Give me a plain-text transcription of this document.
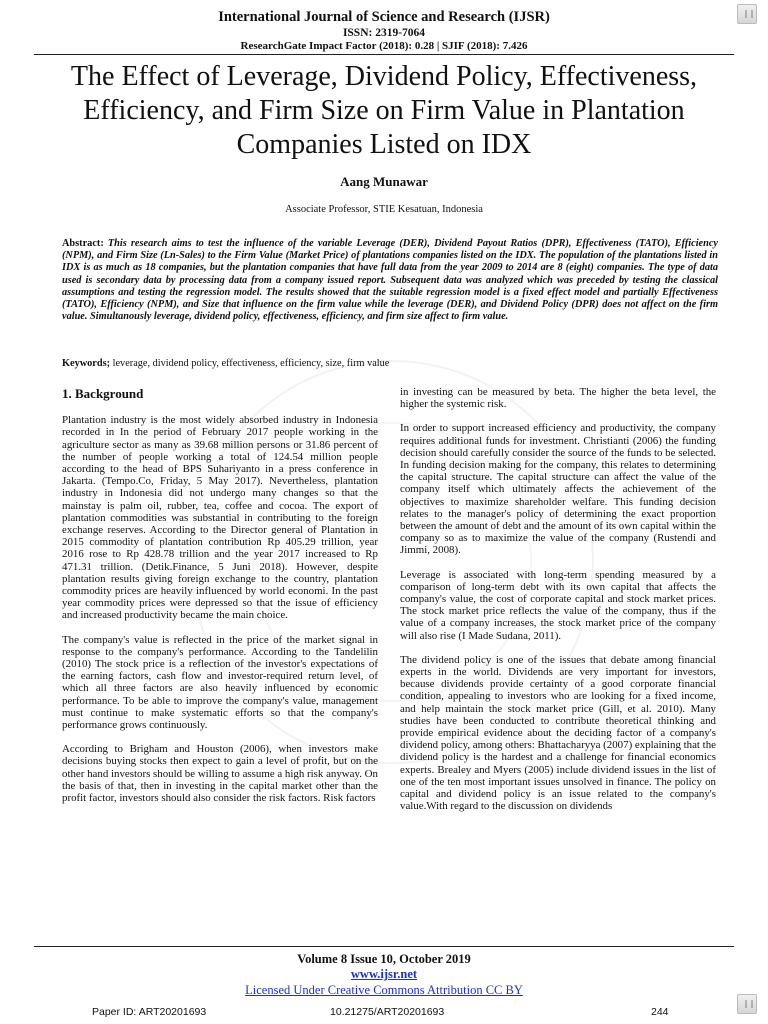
International Journal of Science and Research (IJSR)
ISSN: 2319-7064
ResearchGate Impact Factor (2018): 0.28 | SJIF (2018): 7.426
The Effect of Leverage, Dividend Policy, Effectiveness, Efficiency, and Firm Size on Firm Value in Plantation Companies Listed on IDX
Aang Munawar
Associate Professor, STIE Kesatuan, Indonesia
Abstract: This research aims to test the influence of the variable Leverage (DER), Dividend Payout Ratios (DPR), Effectiveness (TATO), Efficiency (NPM), and Firm Size (Ln-Sales) to the Firm Value (Market Price) of plantations companies listed on the IDX. The population of the plantations listed in IDX is as much as 18 companies, but the plantation companies that have full data from the year 2009 to 2014 are 8 (eight) companies. The type of data used is secondary data by processing data from a company issued report. Subsequent data was analyzed which was preceded by testing the classical assumptions and testing the regression model. The results showed that the suitable regression model is a fixed effect model and partially Effectiveness (TATO), Efficiency (NPM), and Size that influence on the firm value while the leverage (DER), and Dividend Policy (DPR) does not affect on the firm value. Simultanously leverage, dividend policy, effectiveness, efficiency, and firm size affect to firm value.
Keywords; leverage, dividend policy, effectiveness, efficiency, size, firm value
1. Background

Plantation industry is the most widely absorbed industry in Indonesia recorded in In the period of February 2017 people working in the agriculture sector as many as 39.68 million persons or 31.86 percent of the number of people working a total of 124.54 million people according to the head of BPS Suhariyanto in a press conference in Jakarta. (Tempo.Co, Friday, 5 May 2017). Nevertheless, plantation industry in Indonesia did not undergo many changes so that the mainstay is palm oil, rubber, tea, coffee and cocoa. The export of plantation commodities was substantial in contributing to the foreign exchange reserves. According to the Director general of Plantation in 2015 commodity of plantation contribution Rp 405.29 trillion, year 2016 rose to Rp 428.78 trillion and the year 2017 increased to Rp 471.31 trillion. (Detik.Finance, 5 Juni 2018). However, despite plantation results giving foreign exchange to the country, plantation commodity prices are heavily influenced by world economi. In the past year commodity prices were depressed so that the issue of efficiency and increased productivity became the main choice.

The company's value is reflected in the price of the market signal in response to the company's performance. According to the Tandelilin (2010) The stock price is a reflection of the investor's expectations of the earning factors, cash flow and investor-required return level, of which all three factors are also heavily influenced by economic performance. To be able to improve the company's value, management must continue to make systematic efforts so that the company's performance grows continuously.

According to Brigham and Houston (2006), when investors make decisions buying stocks then expect to gain a level of profit, but on the other hand investors should be willing to assume a high risk anyway. On the basis of that, then in investing in the capital market other than the profit factor, investors should also consider the risk factors. Risk factors

in investing can be measured by beta. The higher the beta level, the higher the systemic risk.

In order to support increased efficiency and productivity, the company requires additional funds for investment. Christianti (2006) the funding decision should carefully consider the source of the funds to be selected. In funding decision making for the company, this relates to determining the capital structure. The capital structure can affect the value of the company itself which ultimately affects the achievement of the objectives to maximize shareholder welfare. This funding decision relates to the manager's policy of determining the exact proportion between the amount of debt and the amount of its own capital within the company so as to maximize the value of the company (Rustendi and Jimmi, 2008).

Leverage is associated with long-term spending measured by a comparison of long-term debt with its own capital that affects the company's value, the cost of corporate capital and stock market prices. The stock market price reflects the value of the company, thus if the value of a company increases, the stock market price of the company will also rise (I Made Sudana, 2011).

The dividend policy is one of the issues that debate among financial experts in the world. Dividends are very important for investors, because dividends provide certainty of a good corporate financial condition, appealing to investors who are looking for a fixed income, and help maintain the stock market price (Gill, et al. 2010). Many studies have been conducted to contribute theoretical thinking and provide empirical evidence about the deciding factor of a company's dividend policy, among others: Bhattacharyya (2007) explaining that the dividend policy is the hardest and a challenge for financial economics experts. Brealey and Myers (2005) include dividend issues in the list of one of the ten most important issues unsolved in finance. The policy on capital and dividend policy is an issue related to the company's value.With regard to the discussion on dividends

Volume 8 Issue 10, October 2019
www.ijsr.net
Licensed Under Creative Commons Attribution CC BY
Paper ID: ART20201693	10.21275/ART20201693	244
